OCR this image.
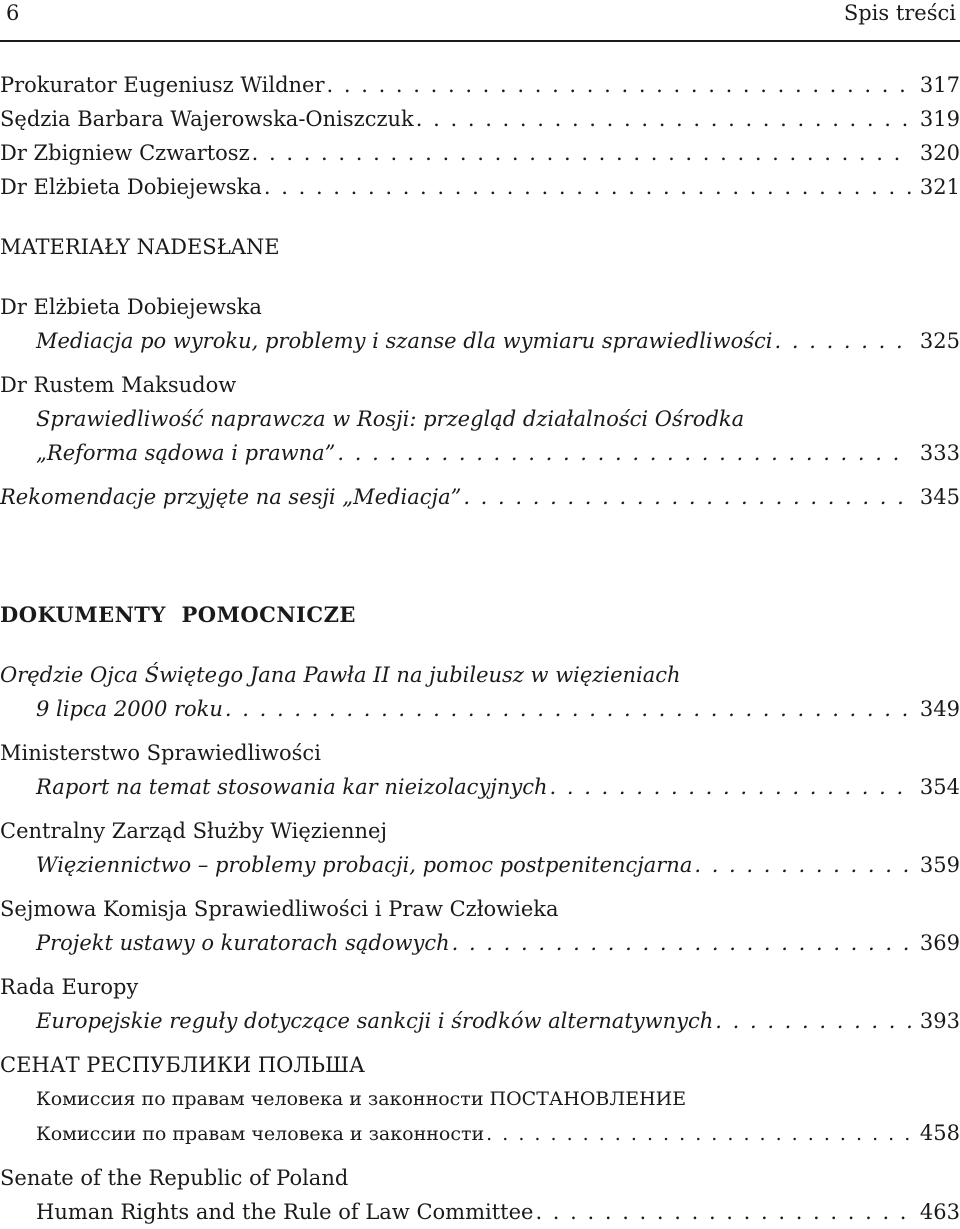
6	Spis treści
Prokurator Eugeniusz Wildner . . .	317
Sędzia Barbara Wajerowska-Oniszczuk . . .	319
Dr Zbigniew Czwartosz . . .	320
Dr Elżbieta Dobiejewska . . .	321
MATERIAŁY NADESŁANE
Dr Elżbieta Dobiejewska
Mediacja po wyroku, problemy i szanse dla wymiaru sprawiedliwości . . .	325
Dr Rustem Maksudow
Sprawiedliwość naprawcza w Rosji: przegląd działalności Ośrodka
„Reforma sądowa i prawna” . . .	333
Rekomendacje przyjęte na sesji „Mediacja” . . .	345
DOKUMENTY  POMOCNICZE
Orędzie Ojca Świętego Jana Pawła II na jubileusz w więzieniach
9 lipca 2000 roku . . .	349
Ministerstwo Sprawiedliwości
Raport na temat stosowania kar nieizolacyjnych . . .	354
Centralny Zarząd Służby Więziennej
Więziennictwo – problemy probacji, pomoc postpenitencjarna . . .	359
Sejmowa Komisja Sprawiedliwości i Praw Człowieka
Projekt ustawy o kuratorach sądowych . . .	369
Rada Europy
Europejskie reguły dotyczące sankcji i środków alternatywnych . . .	393
СЕНАТ РЕСПУБЛИКИ ПОЛЬША
Комиссия по правам человека и законности ПОСТАНОВЛЕНИЕ
Комиссии по правам человека и законности . . .	458
Senate of the Republic of Poland
Human Rights and the Rule of Law Committee . . .	463
